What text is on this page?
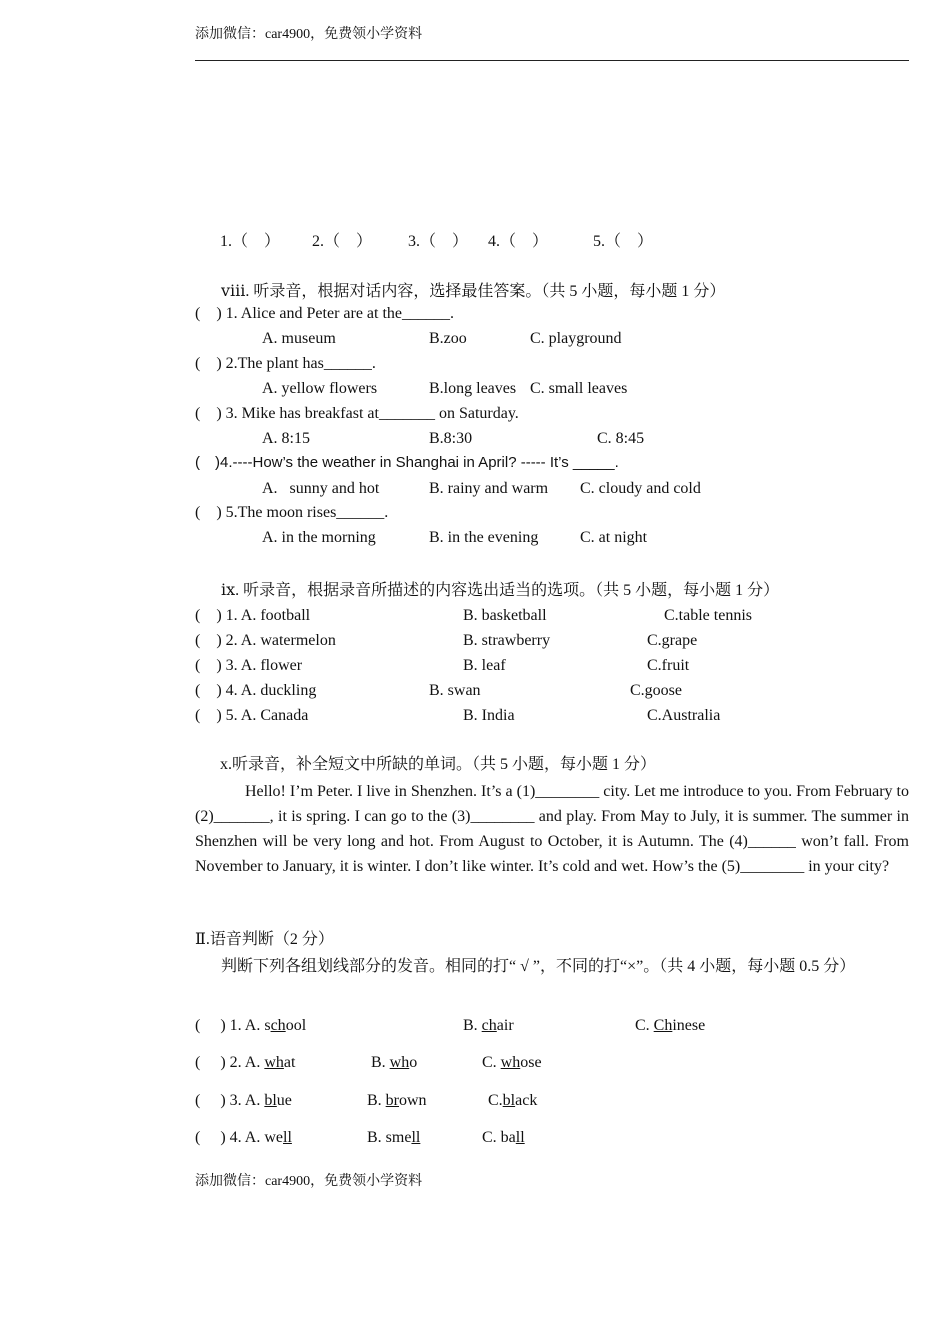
添加微信：car4900，免费领小学资料
1.（　） 2.（　） 3.（　） 4.（　）	5.（　）
ⅷ. 听录音，根据对话内容，选择最佳答案。（共 5 小题，每小题 1 分）
(　) 1. Alice and Peter are at the______.
A. museum	B.zoo	C. playground
(　) 2.The plant has______.
A. yellow flowers	B.long leaves C. small leaves
(　) 3. Mike has breakfast at_______ on Saturday.
A. 8:15	B.8:30	C. 8:45
(　)4.----How’s the weather in Shanghai in April? ----- It’s _____.
A.   sunny and hot	B. rainy and warm C. cloudy and cold
(　) 5.The moon rises______.
A. in the morning	B. in the evening	C. at night
ⅸ. 听录音，根据录音所描述的内容选出适当的选项。（共 5 小题，每小题 1 分）
(　) 1. A. football	B. basketball	C.table tennis
(　) 2. A. watermelon	B. strawberry	C.grape
(　) 3. A. flower	B. leaf	C.fruit
(　) 4. A. duckling	B. swan	C.goose
(　) 5. A. Canada	B. India	C.Australia
x.听录音，补全短文中所缺的单词。（共 5 小题，每小题 1 分）
Hello! I’m Peter. I live in Shenzhen. It’s a (1)________ city. Let me introduce to you. From February to (2)_______, it is spring. I can go to the (3)________ and play. From May to July, it is summer. The summer in Shenzhen will be very long and hot. From August to October, it is Autumn. The (4)______ won’t fall. From November to January, it is winter. I don’t like winter. It’s cold and wet. How’s the (5)________ in your city?
Ⅱ.语音判断（2 分）
判断下列各组划线部分的发音。相同的打“ √ ”，不同的打“×”。（共 4 小题，每小题 0.5 分）
(　 ) 1. A. school	B. chair	C. Chinese
(　 ) 2. A. what	B. who	C. whose
(　 ) 3. A. blue	B. brown	C.black
(　 ) 4. A. well	B. smell	C. ball
添加微信：car4900，免费领小学资料
